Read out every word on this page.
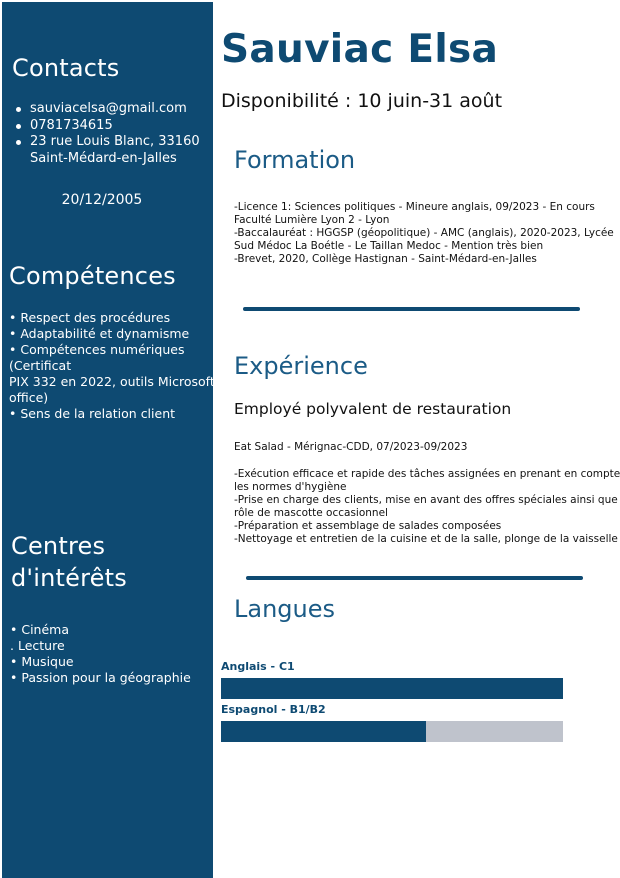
Contacts
sauviacelsa@gmail.com
0781734615
23 rue Louis Blanc, 33160
Saint-Médard-en-Jalles
20/12/2005
Compétences
• Respect des procédures
• Adaptabilité et dynamisme
• Compétences numériques
(Certificat
PIX 332 en 2022, outils Microsoft
office)
• Sens de la relation client
Centres
d'intérêts
• Cinéma
. Lecture
• Musique
• Passion pour la géographie
Sauviac Elsa
Disponibilité : 10 juin-31 août
Formation
-Licence 1: Sciences politiques - Mineure anglais, 09/2023 - En cours
Faculté Lumière Lyon 2 - Lyon
-Baccalauréat : HGGSP (géopolitique) - AMC (anglais), 2020-2023, Lycée
Sud Médoc La Boétle - Le Taillan Medoc - Mention très bien
-Brevet, 2020, Collège Hastignan - Saint-Médard-en-Jalles
Expérience
Employé polyvalent de restauration
Eat Salad - Mérignac-CDD, 07/2023-09/2023
-Exécution efficace et rapide des tâches assignées en prenant en compte
les normes d'hygiène
-Prise en charge des clients, mise en avant des offres spéciales ainsi que
rôle de mascotte occasionnel
-Préparation et assemblage de salades composées
-Nettoyage et entretien de la cuisine et de la salle, plonge de la vaisselle
Langues
Anglais - C1
Espagnol - B1/B2
